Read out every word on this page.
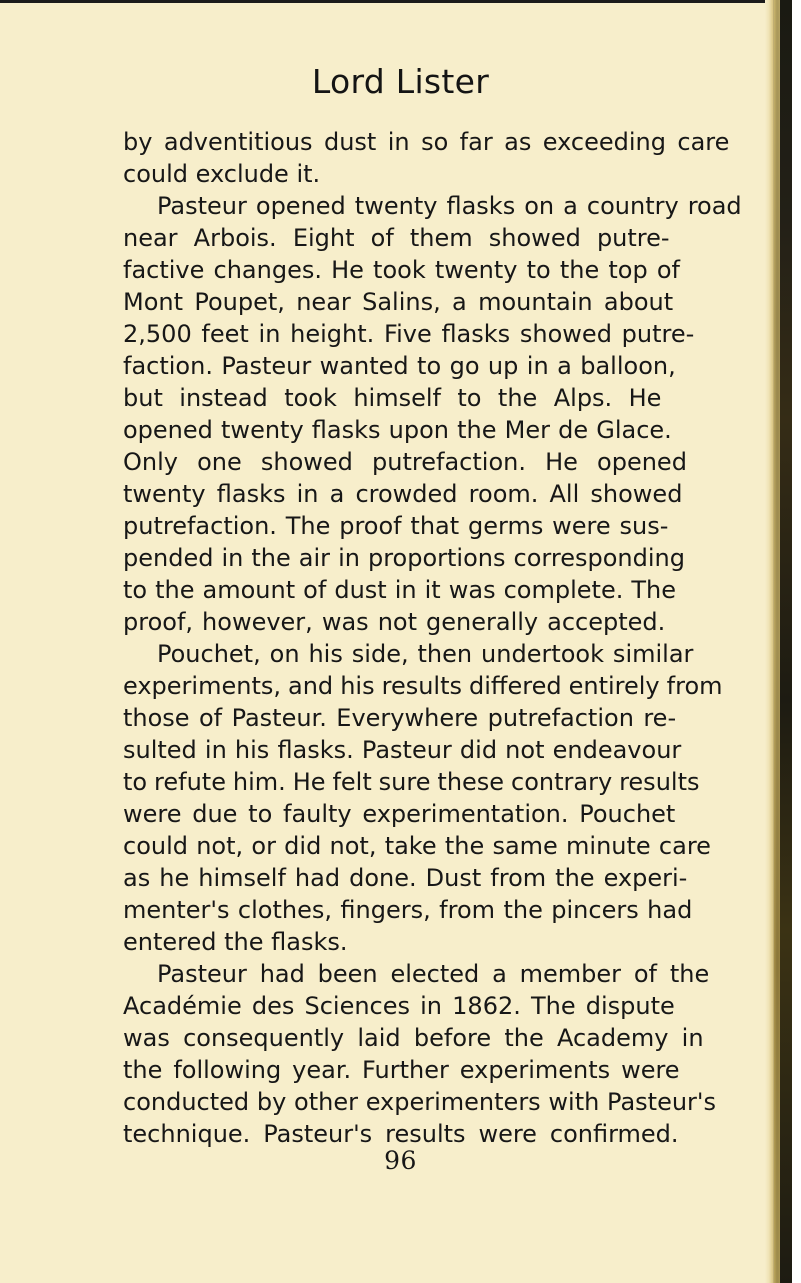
Lord Lister
by adventitious dust in so far as exceeding care
could exclude it.
Pasteur opened twenty flasks on a country road
near Arbois. Eight of them showed putre-
factive changes. He took twenty to the top of
Mont Poupet, near Salins, a mountain about
2,500 feet in height. Five flasks showed putre-
faction. Pasteur wanted to go up in a balloon,
but instead took himself to the Alps. He
opened twenty flasks upon the Mer de Glace.
Only one showed putrefaction. He opened
twenty flasks in a crowded room. All showed
putrefaction. The proof that germs were sus-
pended in the air in proportions corresponding
to the amount of dust in it was complete. The
proof, however, was not generally accepted.
Pouchet, on his side, then undertook similar
experiments, and his results differed entirely from
those of Pasteur. Everywhere putrefaction re-
sulted in his flasks. Pasteur did not endeavour
to refute him. He felt sure these contrary results
were due to faulty experimentation. Pouchet
could not, or did not, take the same minute care
as he himself had done. Dust from the experi-
menter's clothes, fingers, from the pincers had
entered the flasks.
Pasteur had been elected a member of the
Académie des Sciences in 1862. The dispute
was consequently laid before the Academy in
the following year. Further experiments were
conducted by other experimenters with Pasteur's
technique. Pasteur's results were confirmed.
96
